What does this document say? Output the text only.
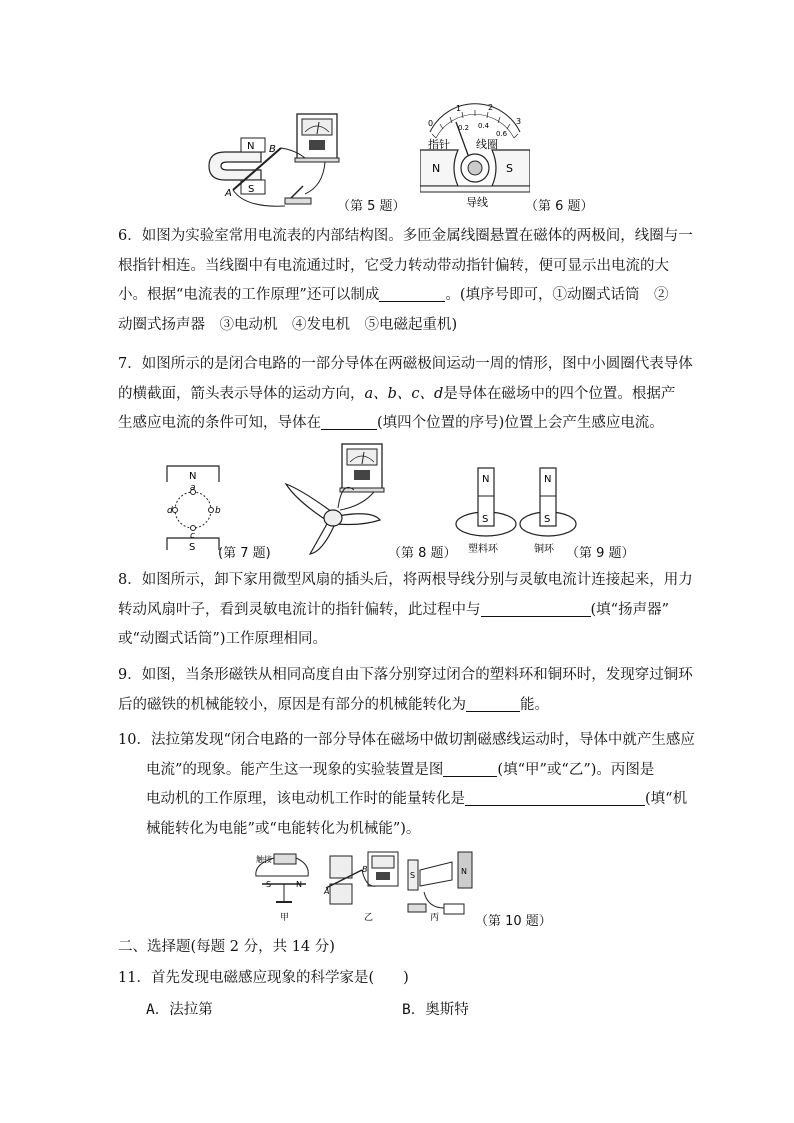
N
S
A
B
（第 5 题）
0
1	2
3
0.2 0.4
0.6
N	S
指针 线圈
导线	（第 6 题）
6．如图为实验室常用电流表的内部结构图。多匝金属线圈悬置在磁体的两极间，线圈与一
根指针相连。当线圈中有电流通过时，它受力转动带动指针偏转，便可显示出电流的大
小。根据“电流表的工作原理”还可以制成	。(填序号即可，①动圈式话筒　②
动圈式扬声器　③电动机　④发电机　⑤电磁起重机)
7．如图所示的是闭合电路的一部分导体在两磁极间运动一周的情形，图中小圆圈代表导体
的横截面，箭头表示导体的运动方向，a、b、c、d是导体在磁场中的四个位置。根据产
生感应电流的条件可知，导体在	(填四个位置的序号)位置上会产生感应电流。
N
S
a
b
c
d
(第 7 题)	（第 8 题）
N
S
N
S
塑料环	铜环 （第 9 题）
8．如图所示，卸下家用微型风扇的插头后，将两根导线分别与灵敏电流计连接起来，用力
转动风扇叶子，看到灵敏电流计的指针偏转，此过程中与	(填“扬声器”
或“动圈式话筒”)工作原理相同。
9．如图，当条形磁铁从相同高度自由下落分别穿过闭合的塑料环和铜环时，发现穿过铜环
后的磁铁的机械能较小，原因是有部分的机械能转化为	能。
10．法拉第发现“闭合电路的一部分导体在磁场中做切割磁感线运动时，导体中就产生感应
电流”的现象。能产生这一现象的实验装置是图	(填“甲”或“乙”)。丙图是
电动机的工作原理，该电动机工作时的能量转化是	(填“机
械能转化为电能”或“电能转化为机械能”)。
触接
S	N
甲
A
B
乙
S	N
丙	（第 10 题）
二、选择题(每题 2 分，共 14 分)
11．首先发现电磁感应现象的科学家是(　　)
A．法拉第	B．奥斯特
